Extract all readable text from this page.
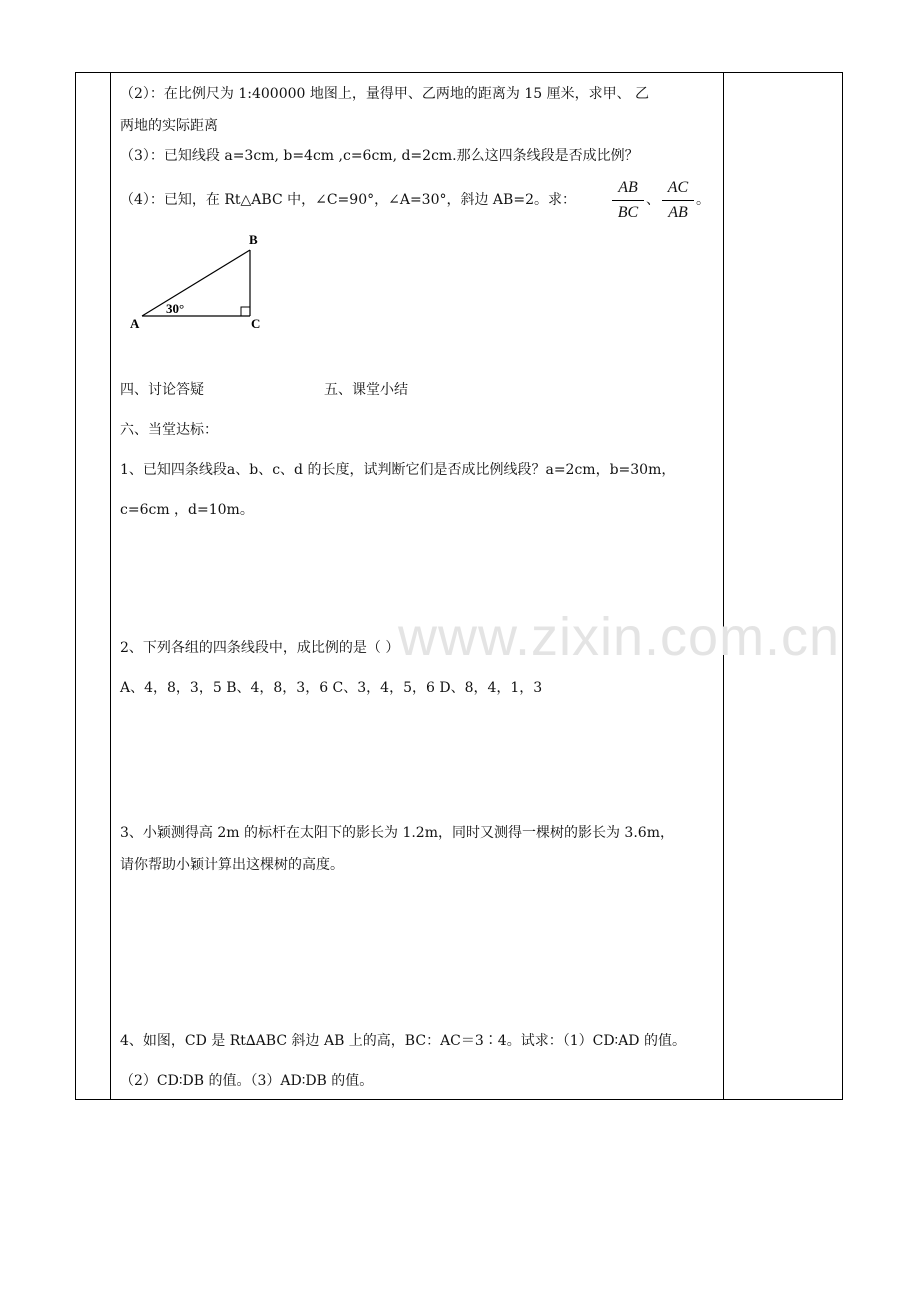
www.zixin.com.cn
（2）：在比例尺为 1:400000 地图上，量得甲、乙两地的距离为 15 厘米，求甲、 乙
两地的实际距离
（3）：已知线段 a=3cm, b=4cm ,c=6cm, d=2cm.那么这四条线段是否成比例？
（4）：已知，在 Rt△ABC 中，∠C=90°，∠A=30°，斜边 AB=2。求：
AB
BC
、
AC
AB
。
B
A	C
30°
四、讨论答疑	五、课堂小结
六、当堂达标：
1、已知四条线段a、b、c、d 的长度，试判断它们是否成比例线段？a=2cm，b=30m，
c=6cm ，d=10m。
2、下列各组的四条线段中，成比例的是（ ）
A、4，8，3，5 B、4，8，3，6 C、3，4，5，6 D、8，4，1，3
3、小颖测得高 2m 的标杆在太阳下的影长为 1.2m，同时又测得一棵树的影长为 3.6m，
请你帮助小颖计算出这棵树的高度。
4、如图，CD 是 Rt∆ABC 斜边 AB 上的高，BC：AC＝3∶4。试求：（1）CD∶AD 的值。
（2）CD∶DB 的值。（3）AD∶DB 的值。
